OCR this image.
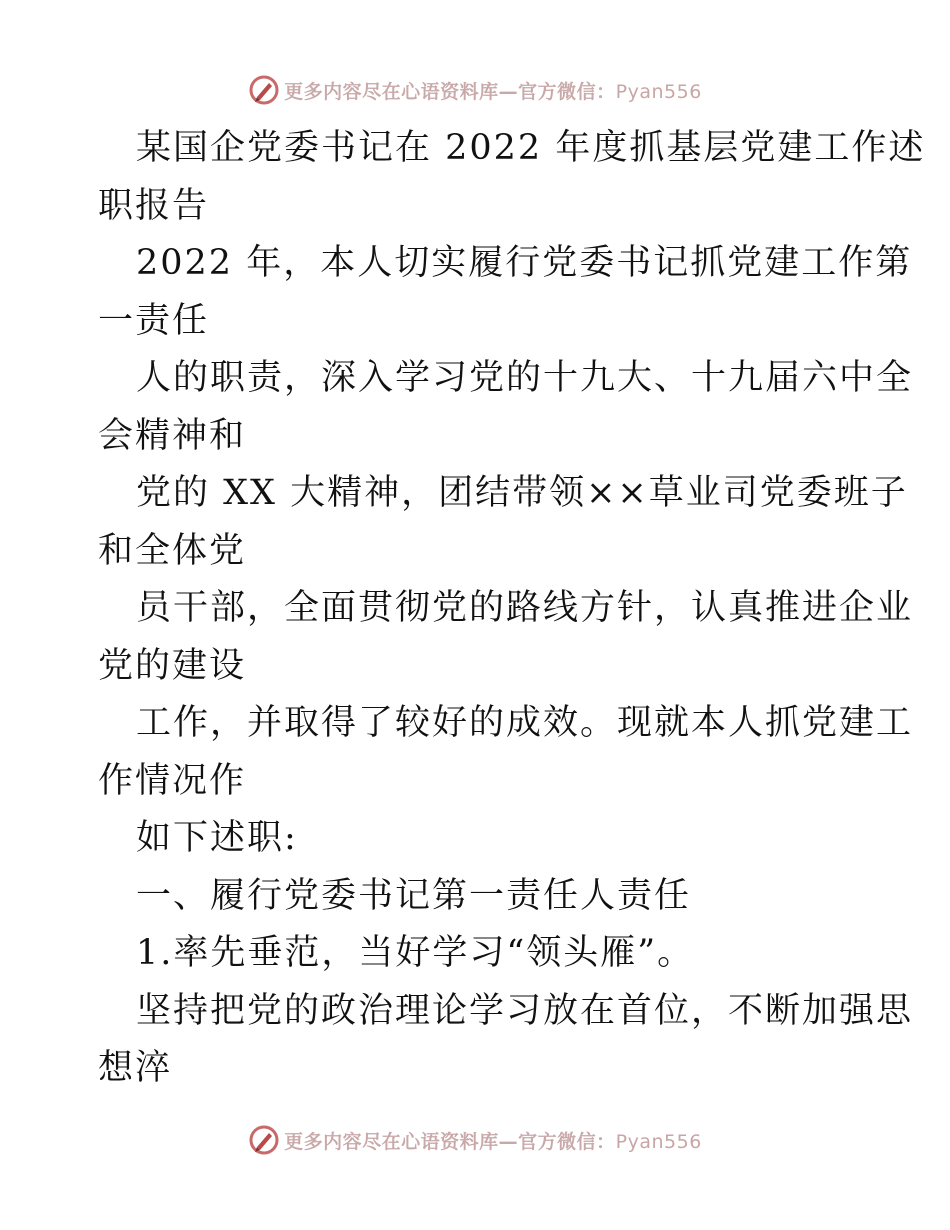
更多内容尽在心语资料库—官方微信：Pyan556
某国企党委书记在 2022 年度抓基层党建工作述
职报告
2022 年，本人切实履行党委书记抓党建工作第
一责任
人的职责，深入学习党的十九大、十九届六中全
会精神和
党的 XX 大精神，团结带领××草业司党委班子
和全体党
员干部，全面贯彻党的路线方针，认真推进企业
党的建设
工作，并取得了较好的成效。现就本人抓党建工
作情况作
如下述职:
一、履行党委书记第一责任人责任
1.率先垂范，当好学习“领头雁”。
坚持把党的政治理论学习放在首位，不断加强思
想淬
更多内容尽在心语资料库—官方微信：Pyan556
